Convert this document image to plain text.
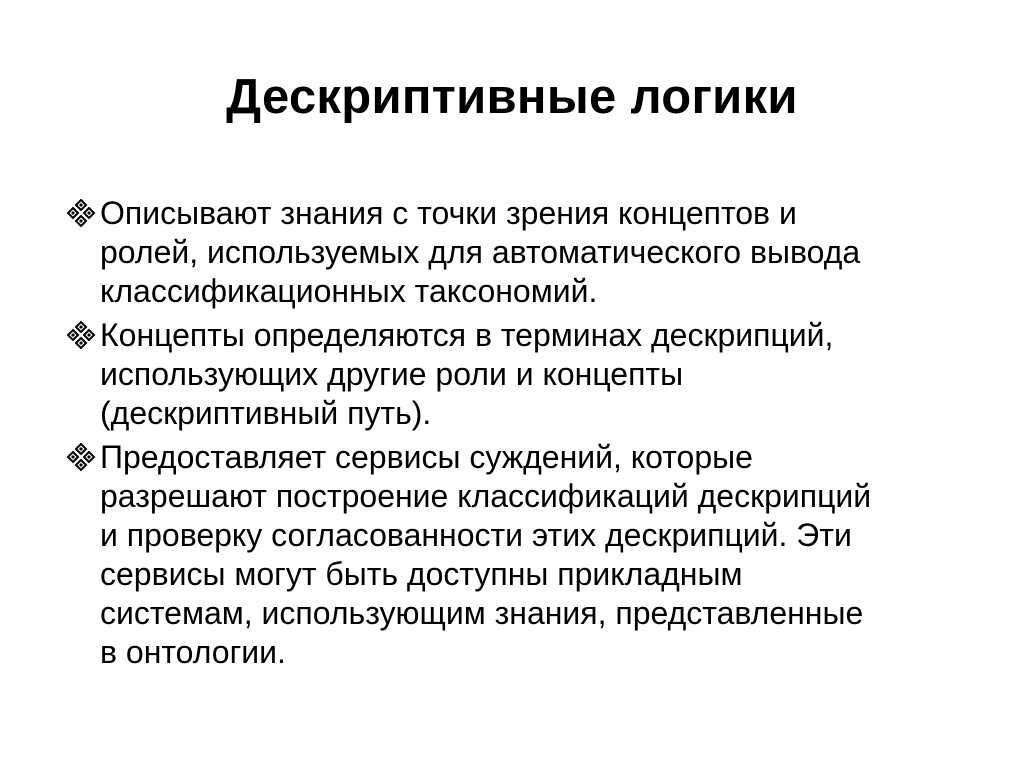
Дескриптивные логики
Описывают знания с точки зрения концептов и
ролей, используемых для автоматического вывода
классификационных таксономий.
Концепты определяются в терминах дескрипций,
использующих другие роли и концепты
(дескриптивный путь).
Предоставляет сервисы суждений, которые
разрешают построение классификаций дескрипций
и проверку согласованности этих дескрипций. Эти
сервисы могут быть доступны прикладным
системам, использующим знания, представленные
в онтологии.
